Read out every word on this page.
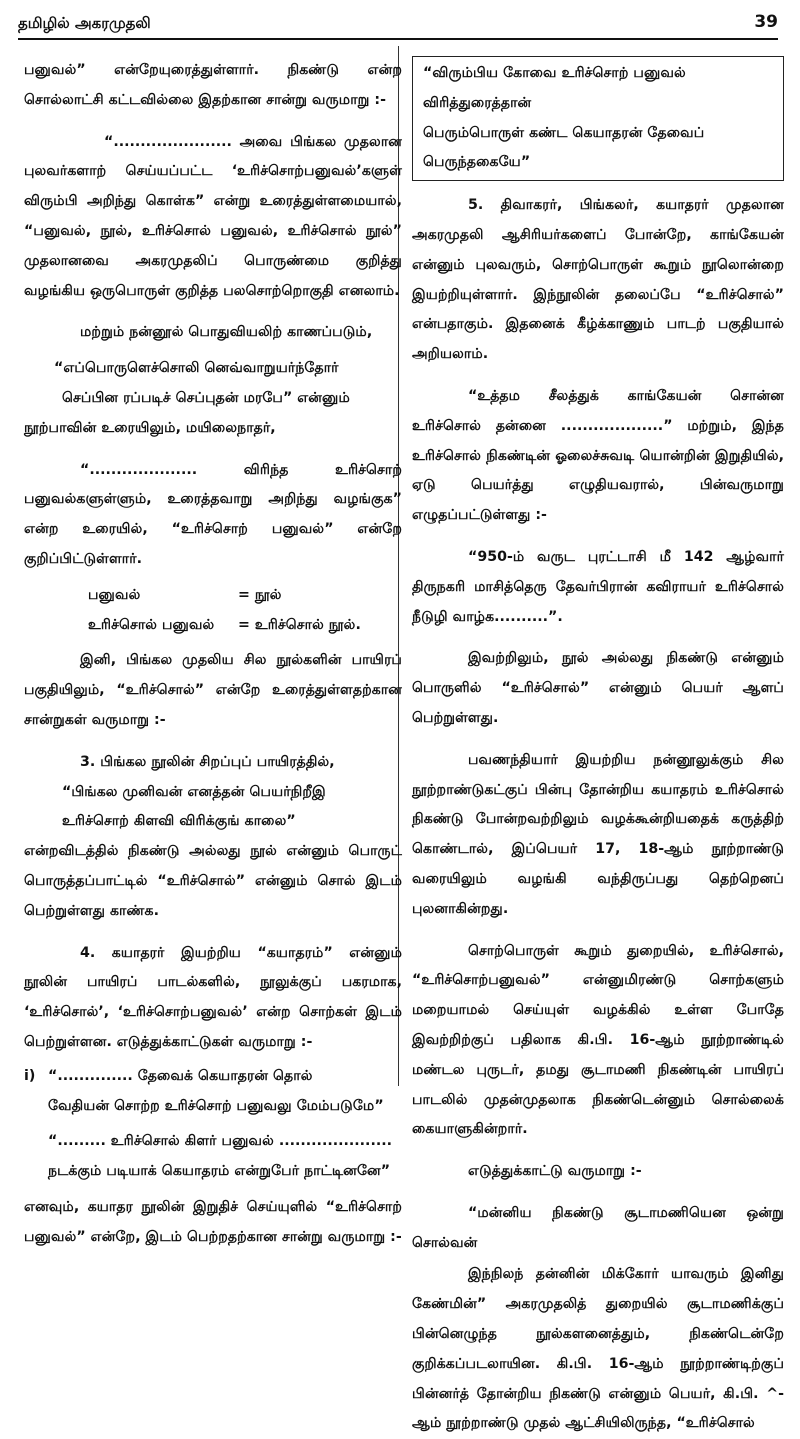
தமிழில் அகரமுதலி	39

பனுவல்” என்றேயுரைத்துள்ளார். நிகண்டு என்ற சொல்லாட்சி கட்டவில்லை இதற்கான சான்று வருமாறு :-

“...................... அவை பிங்கல முதலான புலவர்களாற் செய்யப்பட்ட ‘உரிச்சொற்பனுவல்’களுள் விரும்பி அறிந்து கொள்க” என்று உரைத்துள்ளமையால், “பனுவல், நூல், உரிச்சொல் பனுவல், உரிச்சொல் நூல்” முதலானவை அகரமுதலிப் பொருண்மை குறித்து வழங்கிய ஒருபொருள் குறித்த பலசொற்றொகுதி எனலாம்.

மற்றும் நன்னூல் பொதுவியலிற் காணப்படும்,

“எப்பொருளெச்சொலி னெவ்வாறுயர்ந்தோர்
செப்பின ரப்படிச் செப்புதன் மரபே” என்னும்

நூற்பாவின் உரையிலும், மயிலைநாதர்,

“.................... விரிந்த உரிச்சொற் பனுவல்களுள்ளும், உரைத்தவாறு அறிந்து வழங்குக” என்ற உரையில், “உரிச்சொற் பனுவல்” என்றே குறிப்பிட்டுள்ளார்.

பனுவல்	= நூல்
உரிச்சொல் பனுவல்	= உரிச்சொல் நூல்.

இனி, பிங்கல முதலிய சில நூல்களின் பாயிரப் பகுதியிலும், “உரிச்சொல்” என்றே உரைத்துள்ளதற்கான சான்றுகள் வருமாறு :-

3. பிங்கல நூலின் சிறப்புப் பாயிரத்தில்,

“பிங்கல முனிவன் எனத்தன் பெயர்நிறீஇ
உரிச்சொற் கிளவி விரிக்குங் காலை”

என்றவிடத்தில் நிகண்டு அல்லது நூல் என்னும் பொருட் பொருத்தப்பாட்டில் “உரிச்சொல்” என்னும் சொல் இடம் பெற்றுள்ளது காண்க.

4. கயாதரர் இயற்றிய “கயாதரம்” என்னும் நூலின் பாயிரப் பாடல்களில், நூலுக்குப் பகரமாக, ‘உரிச்சொல்’, ‘உரிச்சொற்பனுவல்’ என்ற சொற்கள் இடம் பெற்றுள்ளன. எடுத்துக்காட்டுகள் வருமாறு :-

i) “.............. தேவைக் கெயாதரன் தொல்
வேதியன் சொற்ற உரிச்சொற் பனுவலு மேம்படுமே”
“......... உரிச்சொல் கிளர் பனுவல் .....................
நடக்கும் படியாக் கெயாதரம் என்றுபேர் நாட்டினனே”

எனவும், கயாதர நூலின் இறுதிச் செய்யுளில் “உரிச்சொற் பனுவல்” என்றே, இடம் பெற்றதற்கான சான்று வருமாறு :-

“விரும்பிய கோவை உரிச்சொற் பனுவல் விரித்துரைத்தான்
பெரும்பொருள் கண்ட கெயாதரன் தேவைப் பெருந்தகையே”

5. திவாகரர், பிங்கலர், கயாதரர் முதலான அகரமுதலி ஆசிரியர்களைப் போன்றே, காங்கேயன் என்னும் புலவரும், சொற்பொருள் கூறும் நூலொன்றை இயற்றியுள்ளார். இந்நூலின் தலைப்பே “உரிச்சொல்” என்பதாகும். இதனைக் கீழ்க்காணும் பாடற் பகுதியால் அறியலாம்.

“உத்தம சீலத்துக் காங்கேயன் சொன்ன உரிச்சொல் தன்னை ...................” மற்றும், இந்த உரிச்சொல் நிகண்டின் ஓலைச்சுவடி யொன்றின் இறுதியில், ஏடு பெயர்த்து எழுதியவரால், பின்வருமாறு எழுதப்பட்டுள்ளது :-

“950-ம் வருட புரட்டாசி மீ 142 ஆழ்வார் திருநகரி மாசித்தெரு தேவர்பிரான் கவிராயர் உரிச்சொல் நீடுழி வாழ்க..........”.

இவற்றிலும், நூல் அல்லது நிகண்டு என்னும் பொருளில் “உரிச்சொல்” என்னும் பெயர் ஆளப் பெற்றுள்ளது.

பவணந்தியார் இயற்றிய நன்னூலுக்கும் சில நூற்றாண்டுகட்குப் பின்பு தோன்றிய கயாதரம் உரிச்சொல் நிகண்டு போன்றவற்றிலும் வழக்கூன்றியதைக் கருத்திற் கொண்டால், இப்பெயர் 17, 18-ஆம் நூற்றாண்டு வரையிலும் வழங்கி வந்திருப்பது தெற்றெனப் புலனாகின்றது.

சொற்பொருள் கூறும் துறையில், உரிச்சொல், “உரிச்சொற்பனுவல்” என்னுமிரண்டு சொற்களும் மறையாமல் செய்யுள் வழக்கில் உள்ள போதே இவற்றிற்குப் பதிலாக கி.பி. 16-ஆம் நூற்றாண்டில் மண்டல புருடர், தமது சூடாமணி நிகண்டின் பாயிரப் பாடலில் முதன்முதலாக நிகண்டென்னும் சொல்லைக் கையாளுகின்றார்.

எடுத்துக்காட்டு வருமாறு :-

“மன்னிய நிகண்டு சூடாமணியென ஒன்று சொல்வன்

இந்நிலந் தன்னின் மிக்கோர் யாவரும் இனிது கேண்மின்” அகரமுதலித் துறையில் சூடாமணிக்குப் பின்னெழுந்த நூல்களனைத்தும், நிகண்டென்றே குறிக்கப்படலாயின. கி.பி. 16-ஆம் நூற்றாண்டிற்குப் பின்னர்த் தோன்றிய நிகண்டு என்னும் பெயர், கி.பி. ^- ஆம் நூற்றாண்டு முதல் ஆட்சியிலிருந்த, “உரிச்சொல்
